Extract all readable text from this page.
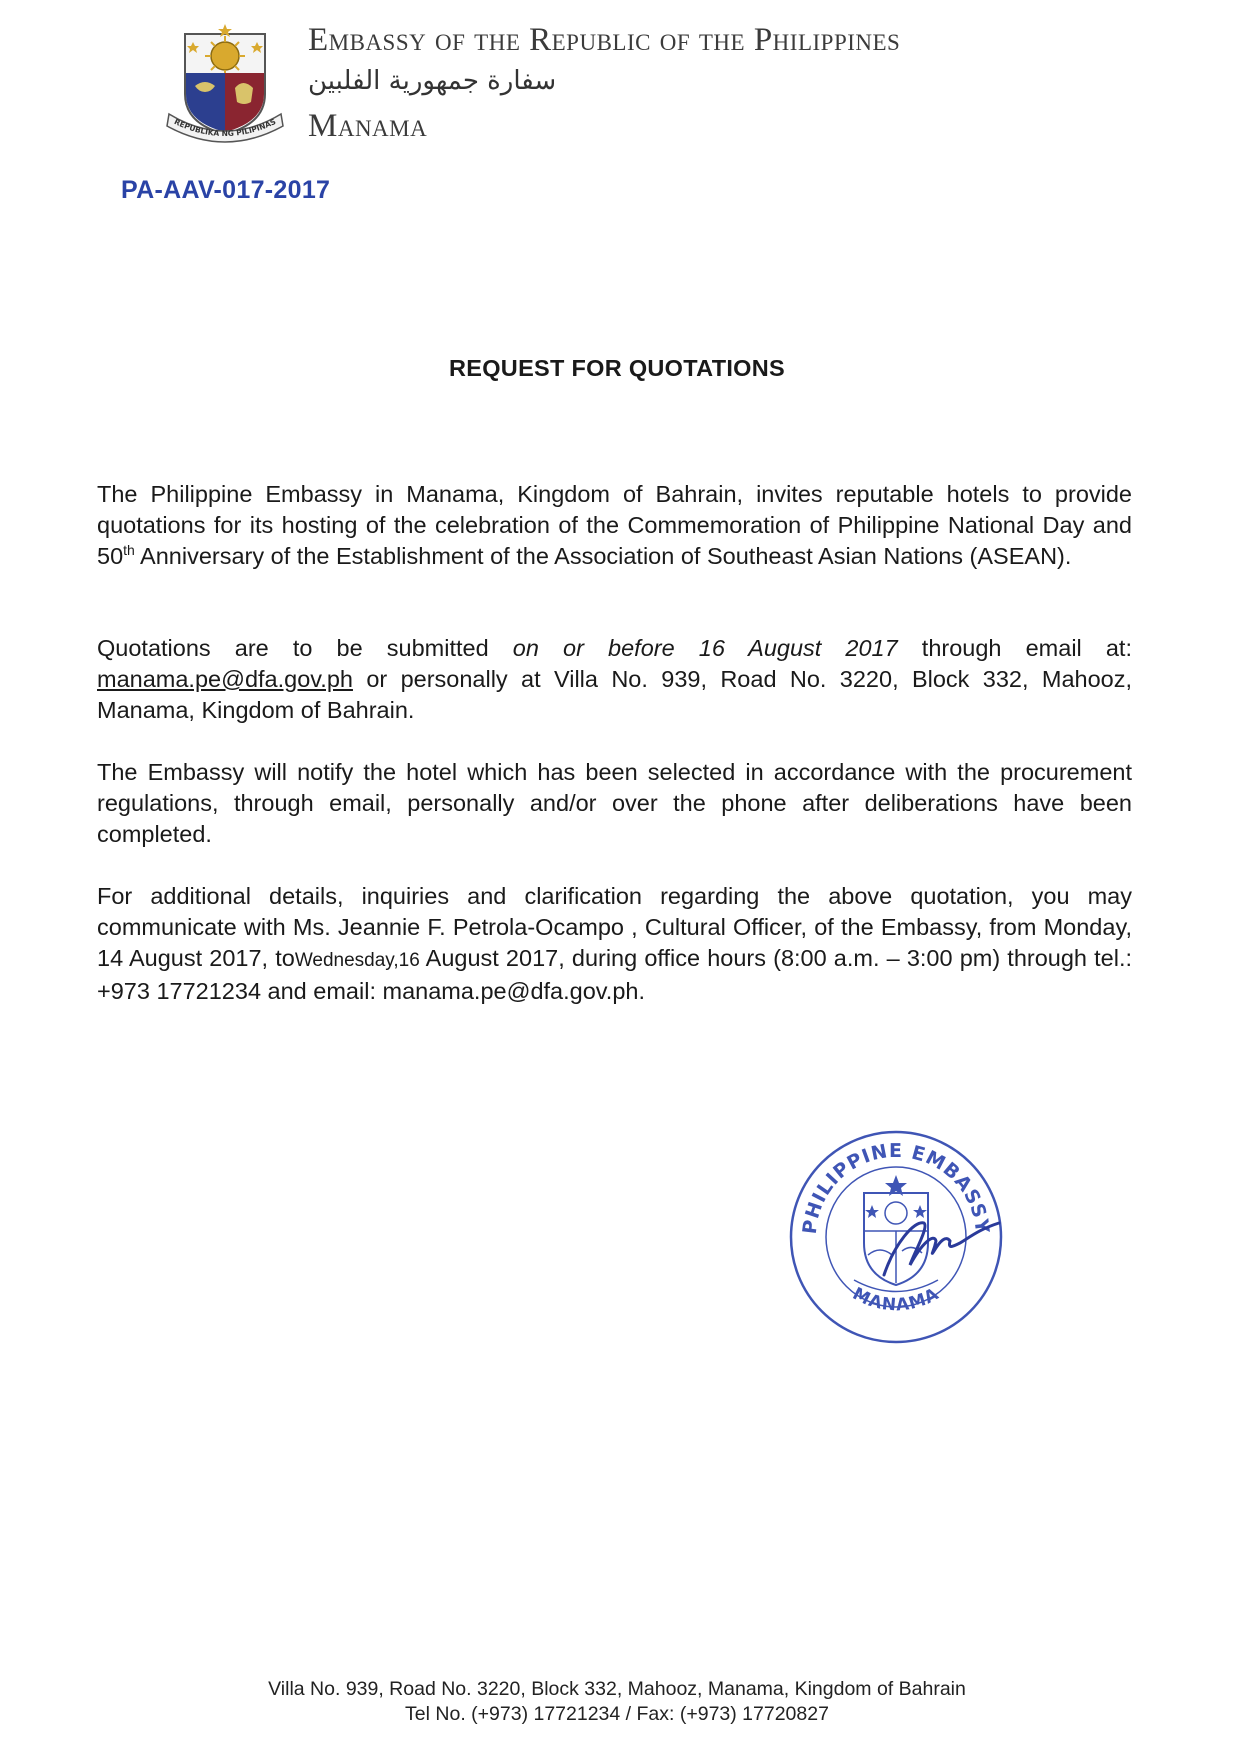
REPUBLIKA NG PILIPINAS
Embassy of the Republic of the Philippines
سفارة جمهورية الفلبين
Manama
PA-AAV-017-2017
REQUEST FOR QUOTATIONS

The Philippine Embassy in Manama, Kingdom of Bahrain, invites reputable hotels to provide quotations for its hosting of the celebration of the Commemoration of Philippine National Day and 50th Anniversary of the Establishment of the Association of Southeast Asian Nations (ASEAN).

Quotations are to be submitted on or before 16 August 2017 through email at: manama.pe@dfa.gov.ph or personally at Villa No. 939, Road No. 3220, Block 332, Mahooz, Manama, Kingdom of Bahrain.

The Embassy will notify the hotel which has been selected in accordance with the procurement regulations, through email, personally and/or over the phone after deliberations have been completed.

For additional details, inquiries and clarification regarding the above quotation, you may communicate with Ms. Jeannie F. Petrola-Ocampo , Cultural Officer, of the Embassy, from Monday, 14 August 2017, toWednesday,16 August 2017, during office hours (8:00 a.m. – 3:00 pm) through tel.: +973 17721234 and email: manama.pe@dfa.gov.ph.

PHILIPPINE EMBASSY
MANAMA
Villa No. 939, Road No. 3220, Block 332, Mahooz, Manama, Kingdom of Bahrain
Tel No. (+973) 17721234 / Fax: (+973) 17720827
